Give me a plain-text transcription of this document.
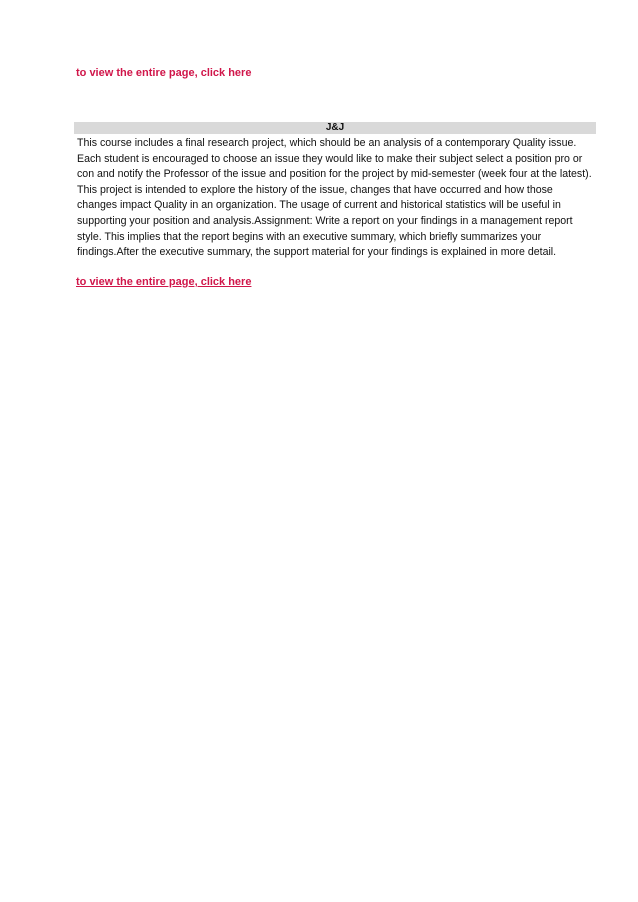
to view the entire page, click here
J&J
This course includes a final research project, which should be an analysis of a contemporary Quality issue. Each student is encouraged to choose an issue they would like to make their subject select a position pro or con and notify the Professor of the issue and position for the project by mid-semester (week four at the latest). This project is intended to explore the history of the issue, changes that have occurred and how those changes impact Quality in an organization. The usage of current and historical statistics will be useful in supporting your position and analysis.Assignment: Write a report on your findings in a management report style. This implies that the report begins with an executive summary, which briefly summarizes your findings.After the executive summary, the support material for your findings is explained in more detail.
to view the entire page, click here
